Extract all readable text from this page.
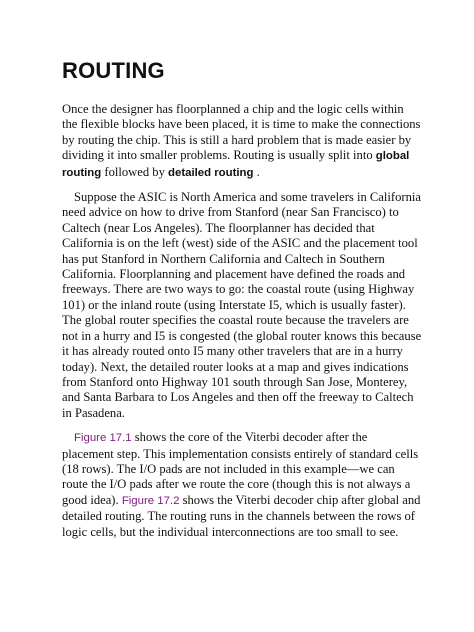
ROUTING

Once the designer has floorplanned a chip and the logic cells within the flexible blocks have been placed, it is time to make the connections by routing the chip. This is still a hard problem that is made easier by dividing it into smaller problems. Routing is usually split into global routing followed by detailed routing .

Suppose the ASIC is North America and some travelers in California need advice on how to drive from Stanford (near San Francisco) to Caltech (near Los Angeles). The floorplanner has decided that California is on the left (west) side of the ASIC and the placement tool has put Stanford in Northern California and Caltech in Southern California. Floorplanning and placement have defined the roads and freeways. There are two ways to go: the coastal route (using Highway 101) or the inland route (using Interstate I5, which is usually faster). The global router specifies the coastal route because the travelers are not in a hurry and I5 is congested (the global router knows this because it has already routed onto I5 many other travelers that are in a hurry today). Next, the detailed router looks at a map and gives indications from Stanford onto Highway 101 south through San Jose, Monterey, and Santa Barbara to Los Angeles and then off the freeway to Caltech in Pasadena.

Figure 17.1 shows the core of the Viterbi decoder after the placement step. This implementation consists entirely of standard cells (18 rows). The I/O pads are not included in this example—we can route the I/O pads after we route the core (though this is not always a good idea). Figure 17.2 shows the Viterbi decoder chip after global and detailed routing. The routing runs in the channels between the rows of logic cells, but the individual interconnections are too small to see.
